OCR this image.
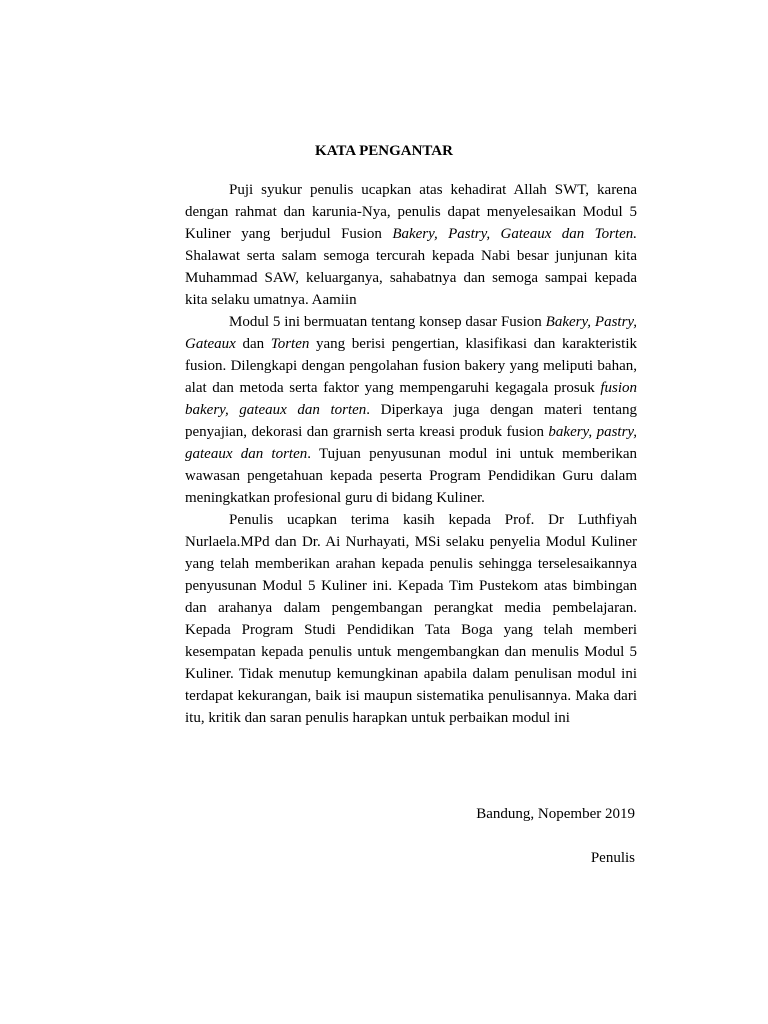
KATA PENGANTAR

Puji syukur penulis ucapkan atas kehadirat Allah SWT, karena dengan rahmat dan karunia-Nya, penulis dapat menyelesaikan Modul 5 Kuliner yang berjudul Fusion Bakery, Pastry, Gateaux dan Torten. Shalawat serta salam semoga tercurah kepada Nabi besar junjunan kita Muhammad SAW, keluarganya, sahabatnya dan semoga sampai kepada kita selaku umatnya. Aamiin

Modul 5 ini bermuatan tentang konsep dasar Fusion Bakery, Pastry, Gateaux dan Torten yang berisi pengertian, klasifikasi dan karakteristik fusion. Dilengkapi dengan pengolahan fusion bakery yang meliputi bahan, alat dan metoda serta faktor yang mempengaruhi kegagala prosuk fusion bakery, gateaux dan torten. Diperkaya juga dengan materi tentang penyajian, dekorasi dan grarnish serta kreasi produk fusion bakery, pastry, gateaux dan torten. Tujuan penyusunan modul ini untuk memberikan wawasan pengetahuan kepada peserta Program Pendidikan Guru dalam meningkatkan profesional guru di bidang Kuliner.

Penulis ucapkan terima kasih kepada Prof. Dr Luthfiyah Nurlaela.MPd dan Dr. Ai Nurhayati, MSi selaku penyelia Modul Kuliner yang telah memberikan arahan kepada penulis sehingga terselesaikannya penyusunan Modul 5 Kuliner ini. Kepada Tim Pustekom atas bimbingan dan arahanya dalam pengembangan perangkat media pembelajaran. Kepada Program Studi Pendidikan Tata Boga yang telah memberi kesempatan kepada penulis untuk mengembangkan dan menulis Modul 5 Kuliner. Tidak menutup kemungkinan apabila dalam penulisan modul ini terdapat kekurangan, baik isi maupun sistematika penulisannya. Maka dari itu, kritik dan saran penulis harapkan untuk perbaikan modul ini

Bandung, Nopember 2019
Penulis
